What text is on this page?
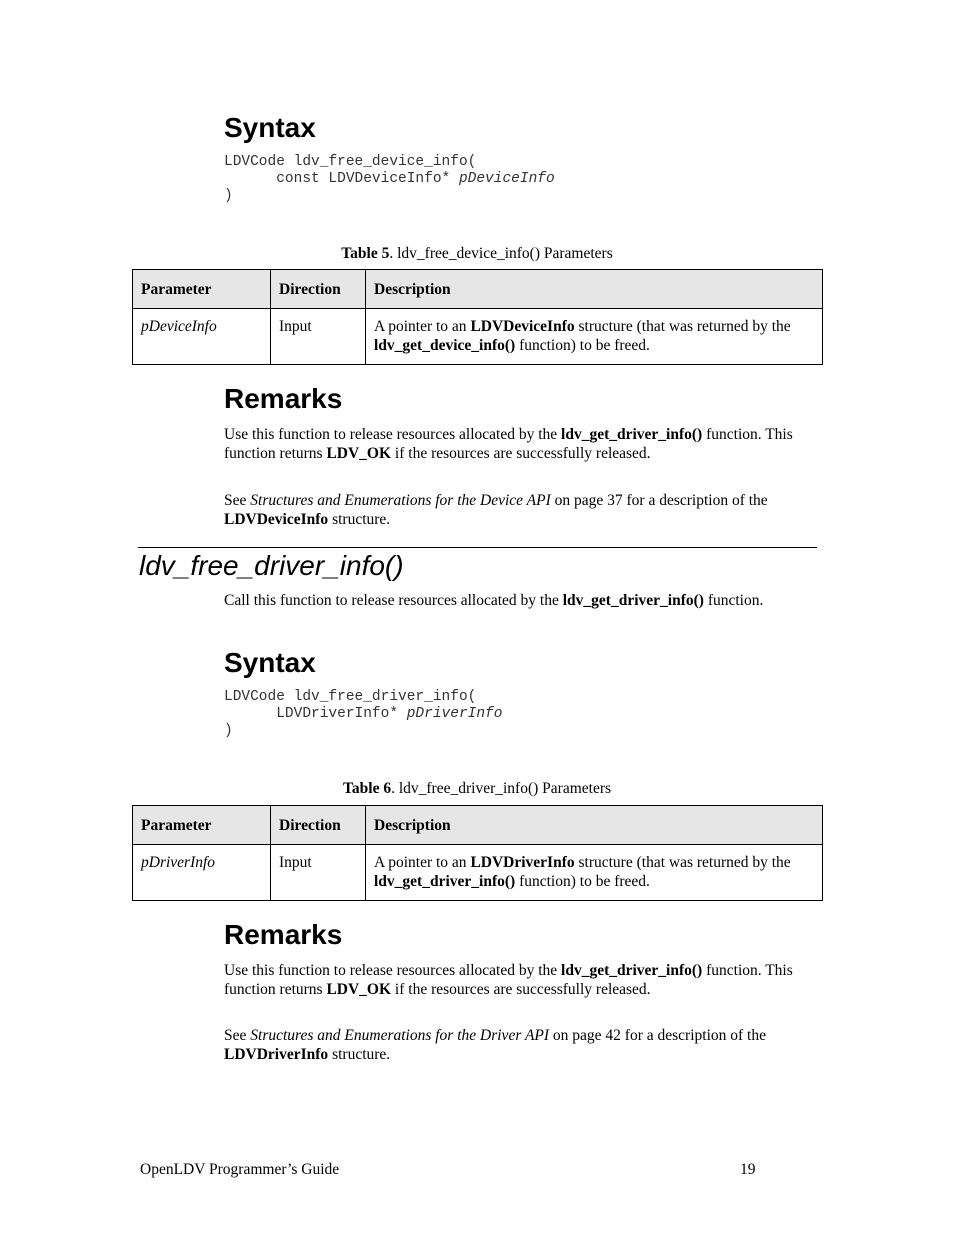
Syntax
LDVCode ldv_free_device_info(
const LDVDeviceInfo* pDeviceInfo
)
Table 5. ldv_free_device_info() Parameters
Parameter	Direction	Description
pDeviceInfo	Input	A pointer to an LDVDeviceInfo structure (that was returned by the ldv_get_device_info() function) to be freed.
Remarks

Use this function to release resources allocated by the ldv_get_driver_info() function. This function returns LDV_OK if the resources are successfully released.

See Structures and Enumerations for the Device API on page 37 for a description of the LDVDeviceInfo structure.

ldv_free_driver_info()

Call this function to release resources allocated by the ldv_get_driver_info() function.

Syntax
LDVCode ldv_free_driver_info(
LDVDriverInfo* pDriverInfo
)
Table 6. ldv_free_driver_info() Parameters
Parameter	Direction	Description
pDriverInfo	Input	A pointer to an LDVDriverInfo structure (that was returned by the ldv_get_driver_info() function) to be freed.
Remarks

Use this function to release resources allocated by the ldv_get_driver_info() function. This function returns LDV_OK if the resources are successfully released.

See Structures and Enumerations for the Driver API on page 42 for a description of the LDVDriverInfo structure.

OpenLDV Programmer’s Guide	19
